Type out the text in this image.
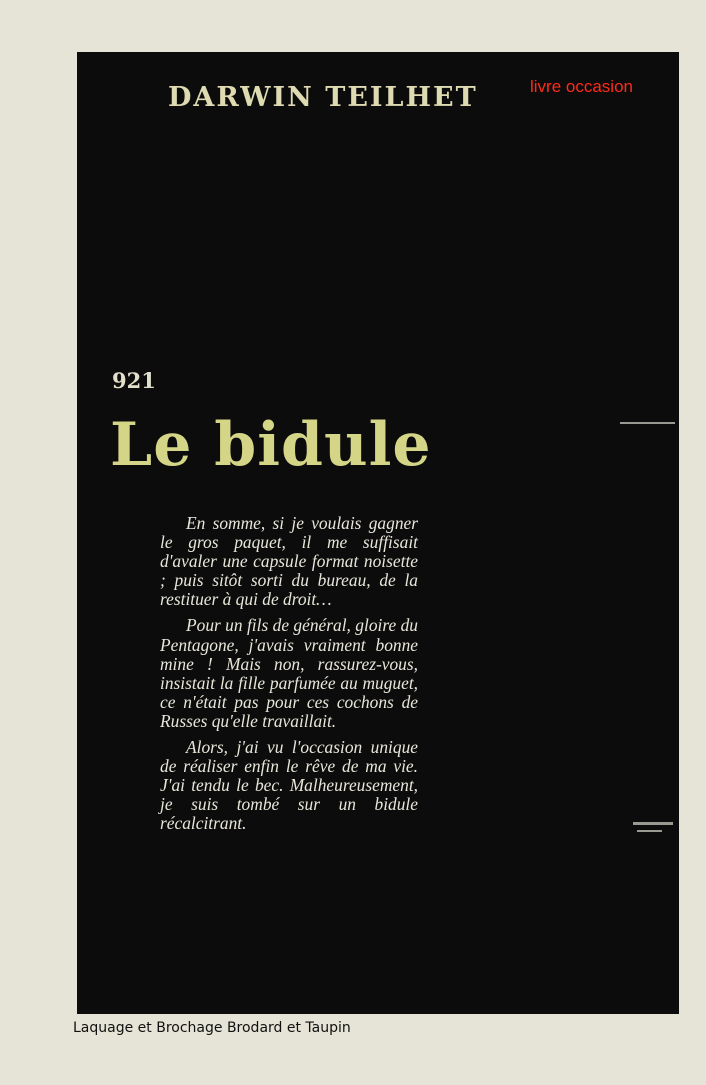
DARWIN TEILHET	livre occasion
921
Le bidule

En somme, si je voulais gagner le gros paquet, il me suffisait d'avaler une capsule format noisette ; puis sitôt sorti du bureau, de la restituer à qui de droit…

Pour un fils de général, gloire du Pentagone, j'avais vraiment bonne mine ! Mais non, rassurez-vous, insistait la fille parfumée au muguet, ce n'était pas pour ces cochons de Russes qu'elle travaillait.

Alors, j'ai vu l'occasion unique de réaliser enfin le rêve de ma vie. J'ai tendu le bec. Malheureusement, je suis tombé sur un bidule récalcitrant.

Laquage et Brochage Brodard et Taupin
